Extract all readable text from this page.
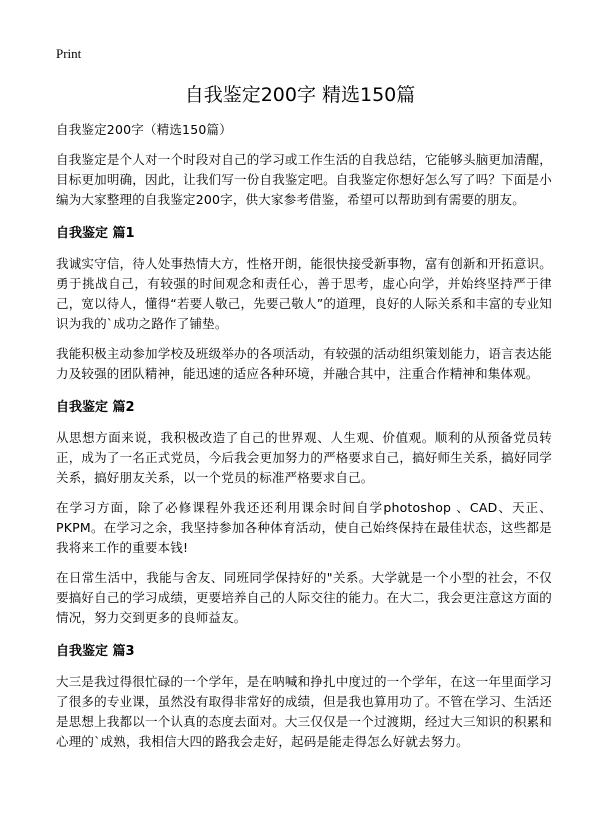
Print
自我鉴定200字 精选150篇

自我鉴定200字（精选150篇）

自我鉴定是个人对一个时段对自己的学习或工作生活的自我总结，它能够头脑更加清醒，目标更加明确，因此，让我们写一份自我鉴定吧。自我鉴定你想好怎么写了吗？下面是小编为大家整理的自我鉴定200字，供大家参考借鉴，希望可以帮助到有需要的朋友。

自我鉴定 篇1

我诚实守信，待人处事热情大方，性格开朗，能很快接受新事物，富有创新和开拓意识。勇于挑战自己，有较强的时间观念和责任心，善于思考，虚心向学，并始终坚持严于律己，宽以待人，懂得“若要人敬己，先要己敬人”的道理，良好的人际关系和丰富的专业知识为我的`成功之路作了铺垫。

我能积极主动参加学校及班级举办的各项活动，有较强的活动组织策划能力，语言表达能力及较强的团队精神，能迅速的适应各种环境，并融合其中，注重合作精神和集体观。

自我鉴定 篇2

从思想方面来说，我积极改造了自己的世界观、人生观、价值观。顺利的从预备党员转正，成为了一名正式党员，今后我会更加努力的严格要求自己，搞好师生关系，搞好同学关系，搞好朋友关系，以一个党员的标准严格要求自己。

在学习方面，除了必修课程外我还还利用课余时间自学photoshop 、CAD、天正、PKPM。在学习之余，我坚持参加各种体育活动，使自己始终保持在最佳状态，这些都是我将来工作的重要本钱!

在日常生活中，我能与舍友、同班同学保持好的"关系。大学就是一个小型的社会，不仅要搞好自己的学习成绩，更要培养自己的人际交往的能力。在大二，我会更注意这方面的情况，努力交到更多的良师益友。

自我鉴定 篇3

大三是我过得很忙碌的一个学年，是在呐喊和挣扎中度过的一个学年，在这一年里面学习了很多的专业课，虽然没有取得非常好的成绩，但是我也算用功了。不管在学习、生活还是思想上我都以一个认真的态度去面对。大三仅仅是一个过渡期，经过大三知识的积累和心理的`成熟，我相信大四的路我会走好，起码是能走得怎么好就去努力。
